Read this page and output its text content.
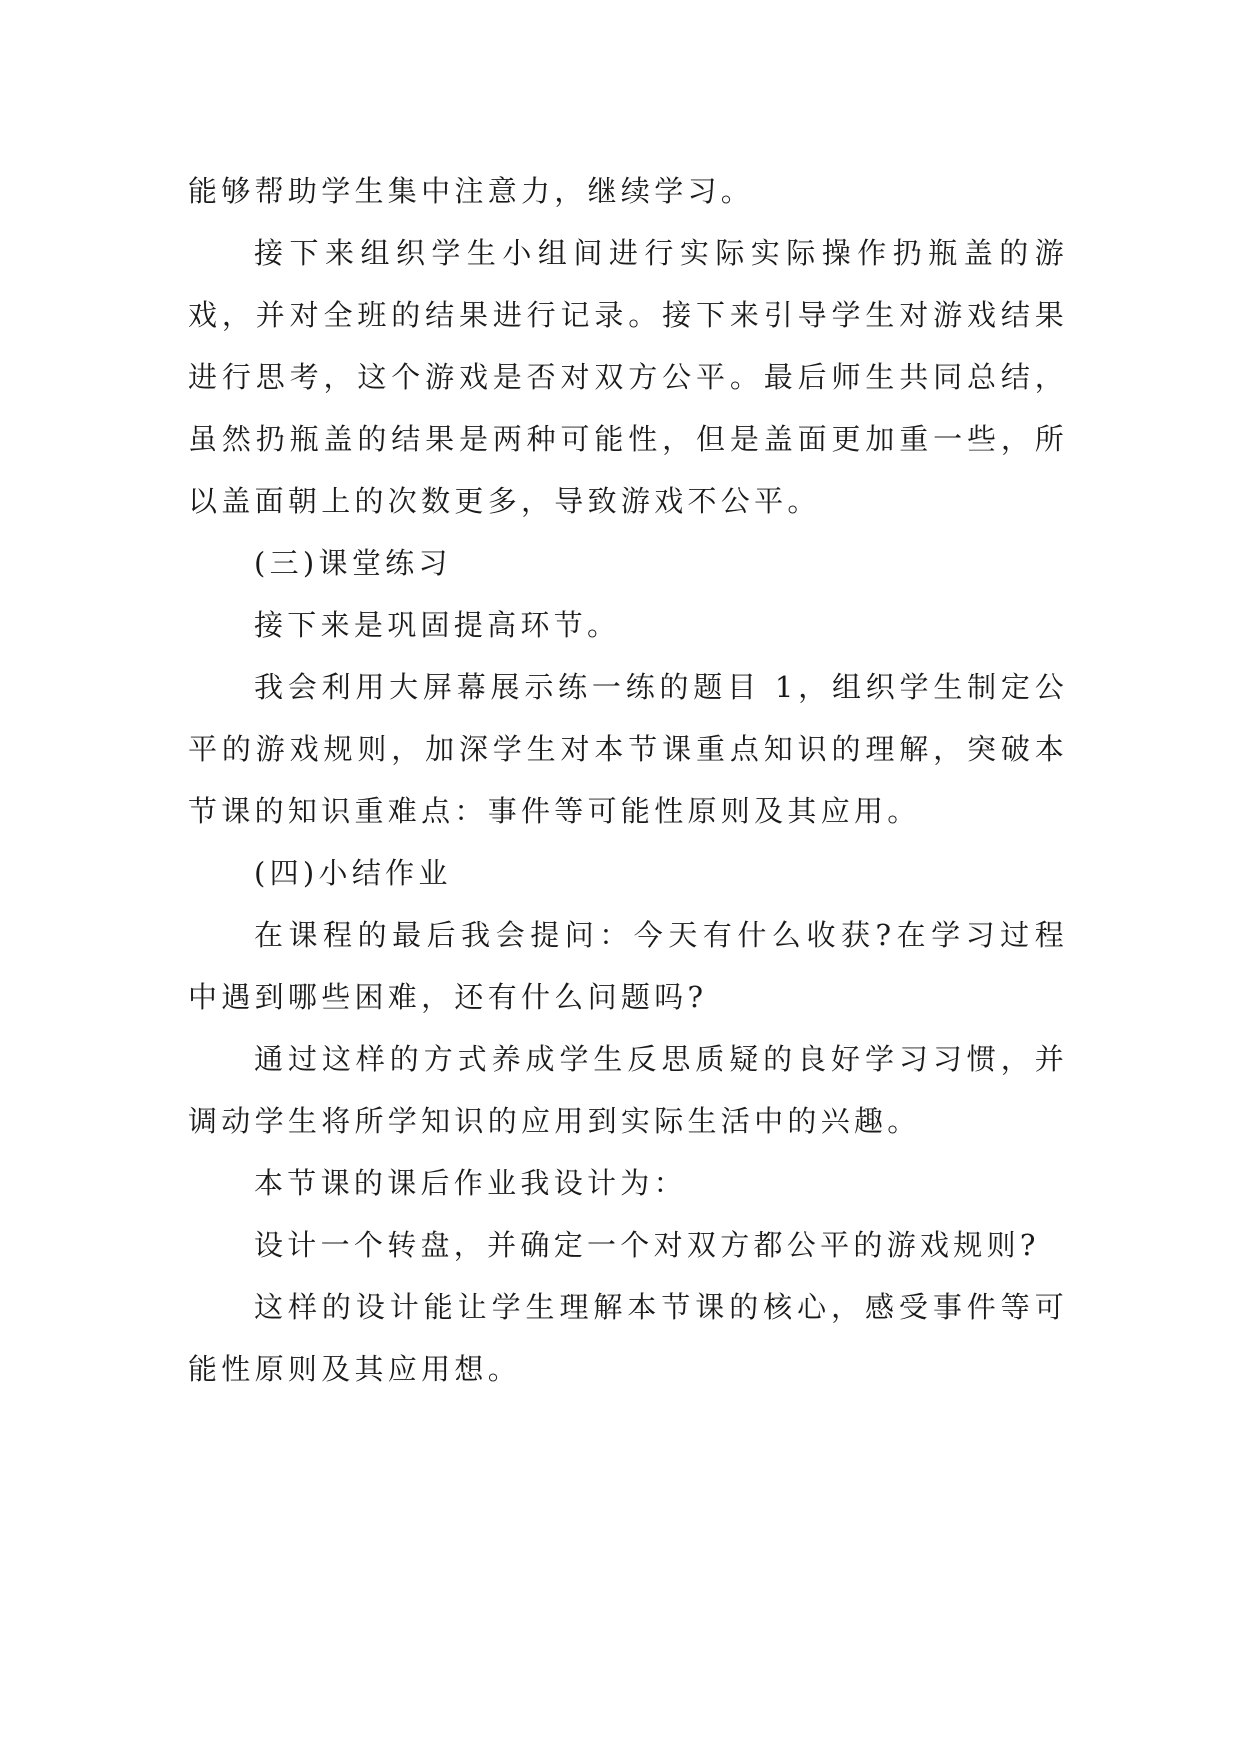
能够帮助学生集中注意力，继续学习。

接下来组织学生小组间进行实际实际操作扔瓶盖的游戏，并对全班的结果进行记录。接下来引导学生对游戏结果进行思考，这个游戏是否对双方公平。最后师生共同总结，虽然扔瓶盖的结果是两种可能性，但是盖面更加重一些，所以盖面朝上的次数更多，导致游戏不公平。

(三)课堂练习

接下来是巩固提高环节。

我会利用大屏幕展示练一练的题目 1，组织学生制定公平的游戏规则，加深学生对本节课重点知识的理解，突破本节课的知识重难点：事件等可能性原则及其应用。

(四)小结作业

在课程的最后我会提问：今天有什么收获?在学习过程中遇到哪些困难，还有什么问题吗?

通过这样的方式养成学生反思质疑的良好学习习惯，并调动学生将所学知识的应用到实际生活中的兴趣。

本节课的课后作业我设计为：

设计一个转盘，并确定一个对双方都公平的游戏规则?

这样的设计能让学生理解本节课的核心，感受事件等可能性原则及其应用想。
